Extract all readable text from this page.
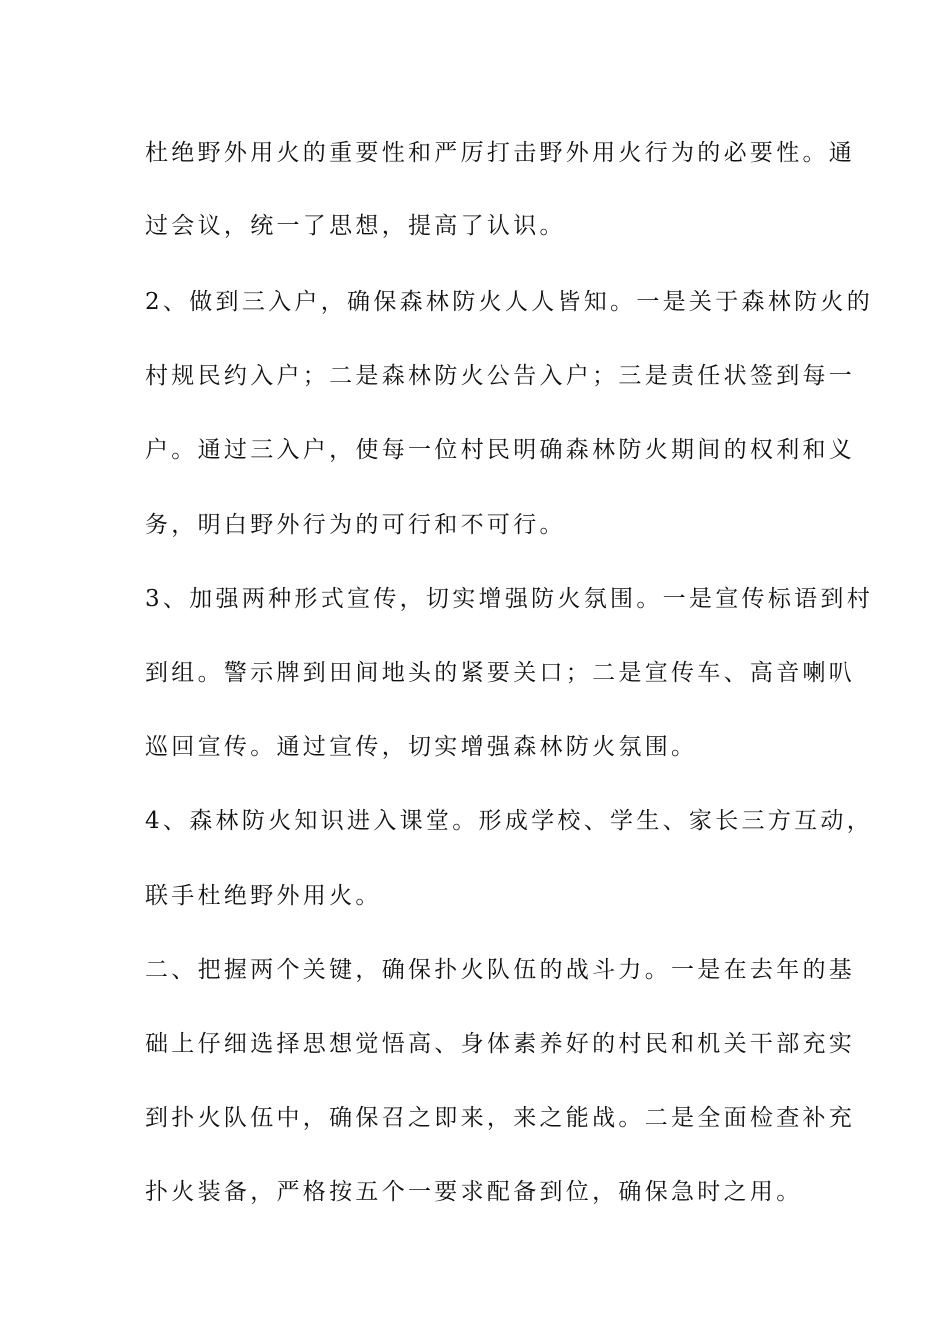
杜绝野外用火的重要性和严厉打击野外用火行为的必要性。通
过会议，统一了思想，提高了认识。
2、做到三入户，确保森林防火人人皆知。一是关于森林防火的
村规民约入户；二是森林防火公告入户；三是责任状签到每一
户。通过三入户，使每一位村民明确森林防火期间的权利和义
务，明白野外行为的可行和不可行。
3、加强两种形式宣传，切实增强防火氛围。一是宣传标语到村
到组。警示牌到田间地头的紧要关口；二是宣传车、高音喇叭
巡回宣传。通过宣传，切实增强森林防火氛围。
4、森林防火知识进入课堂。形成学校、学生、家长三方互动，
联手杜绝野外用火。
二、把握两个关键，确保扑火队伍的战斗力。一是在去年的基
础上仔细选择思想觉悟高、身体素养好的村民和机关干部充实
到扑火队伍中，确保召之即来，来之能战。二是全面检查补充
扑火装备，严格按五个一要求配备到位，确保急时之用。
